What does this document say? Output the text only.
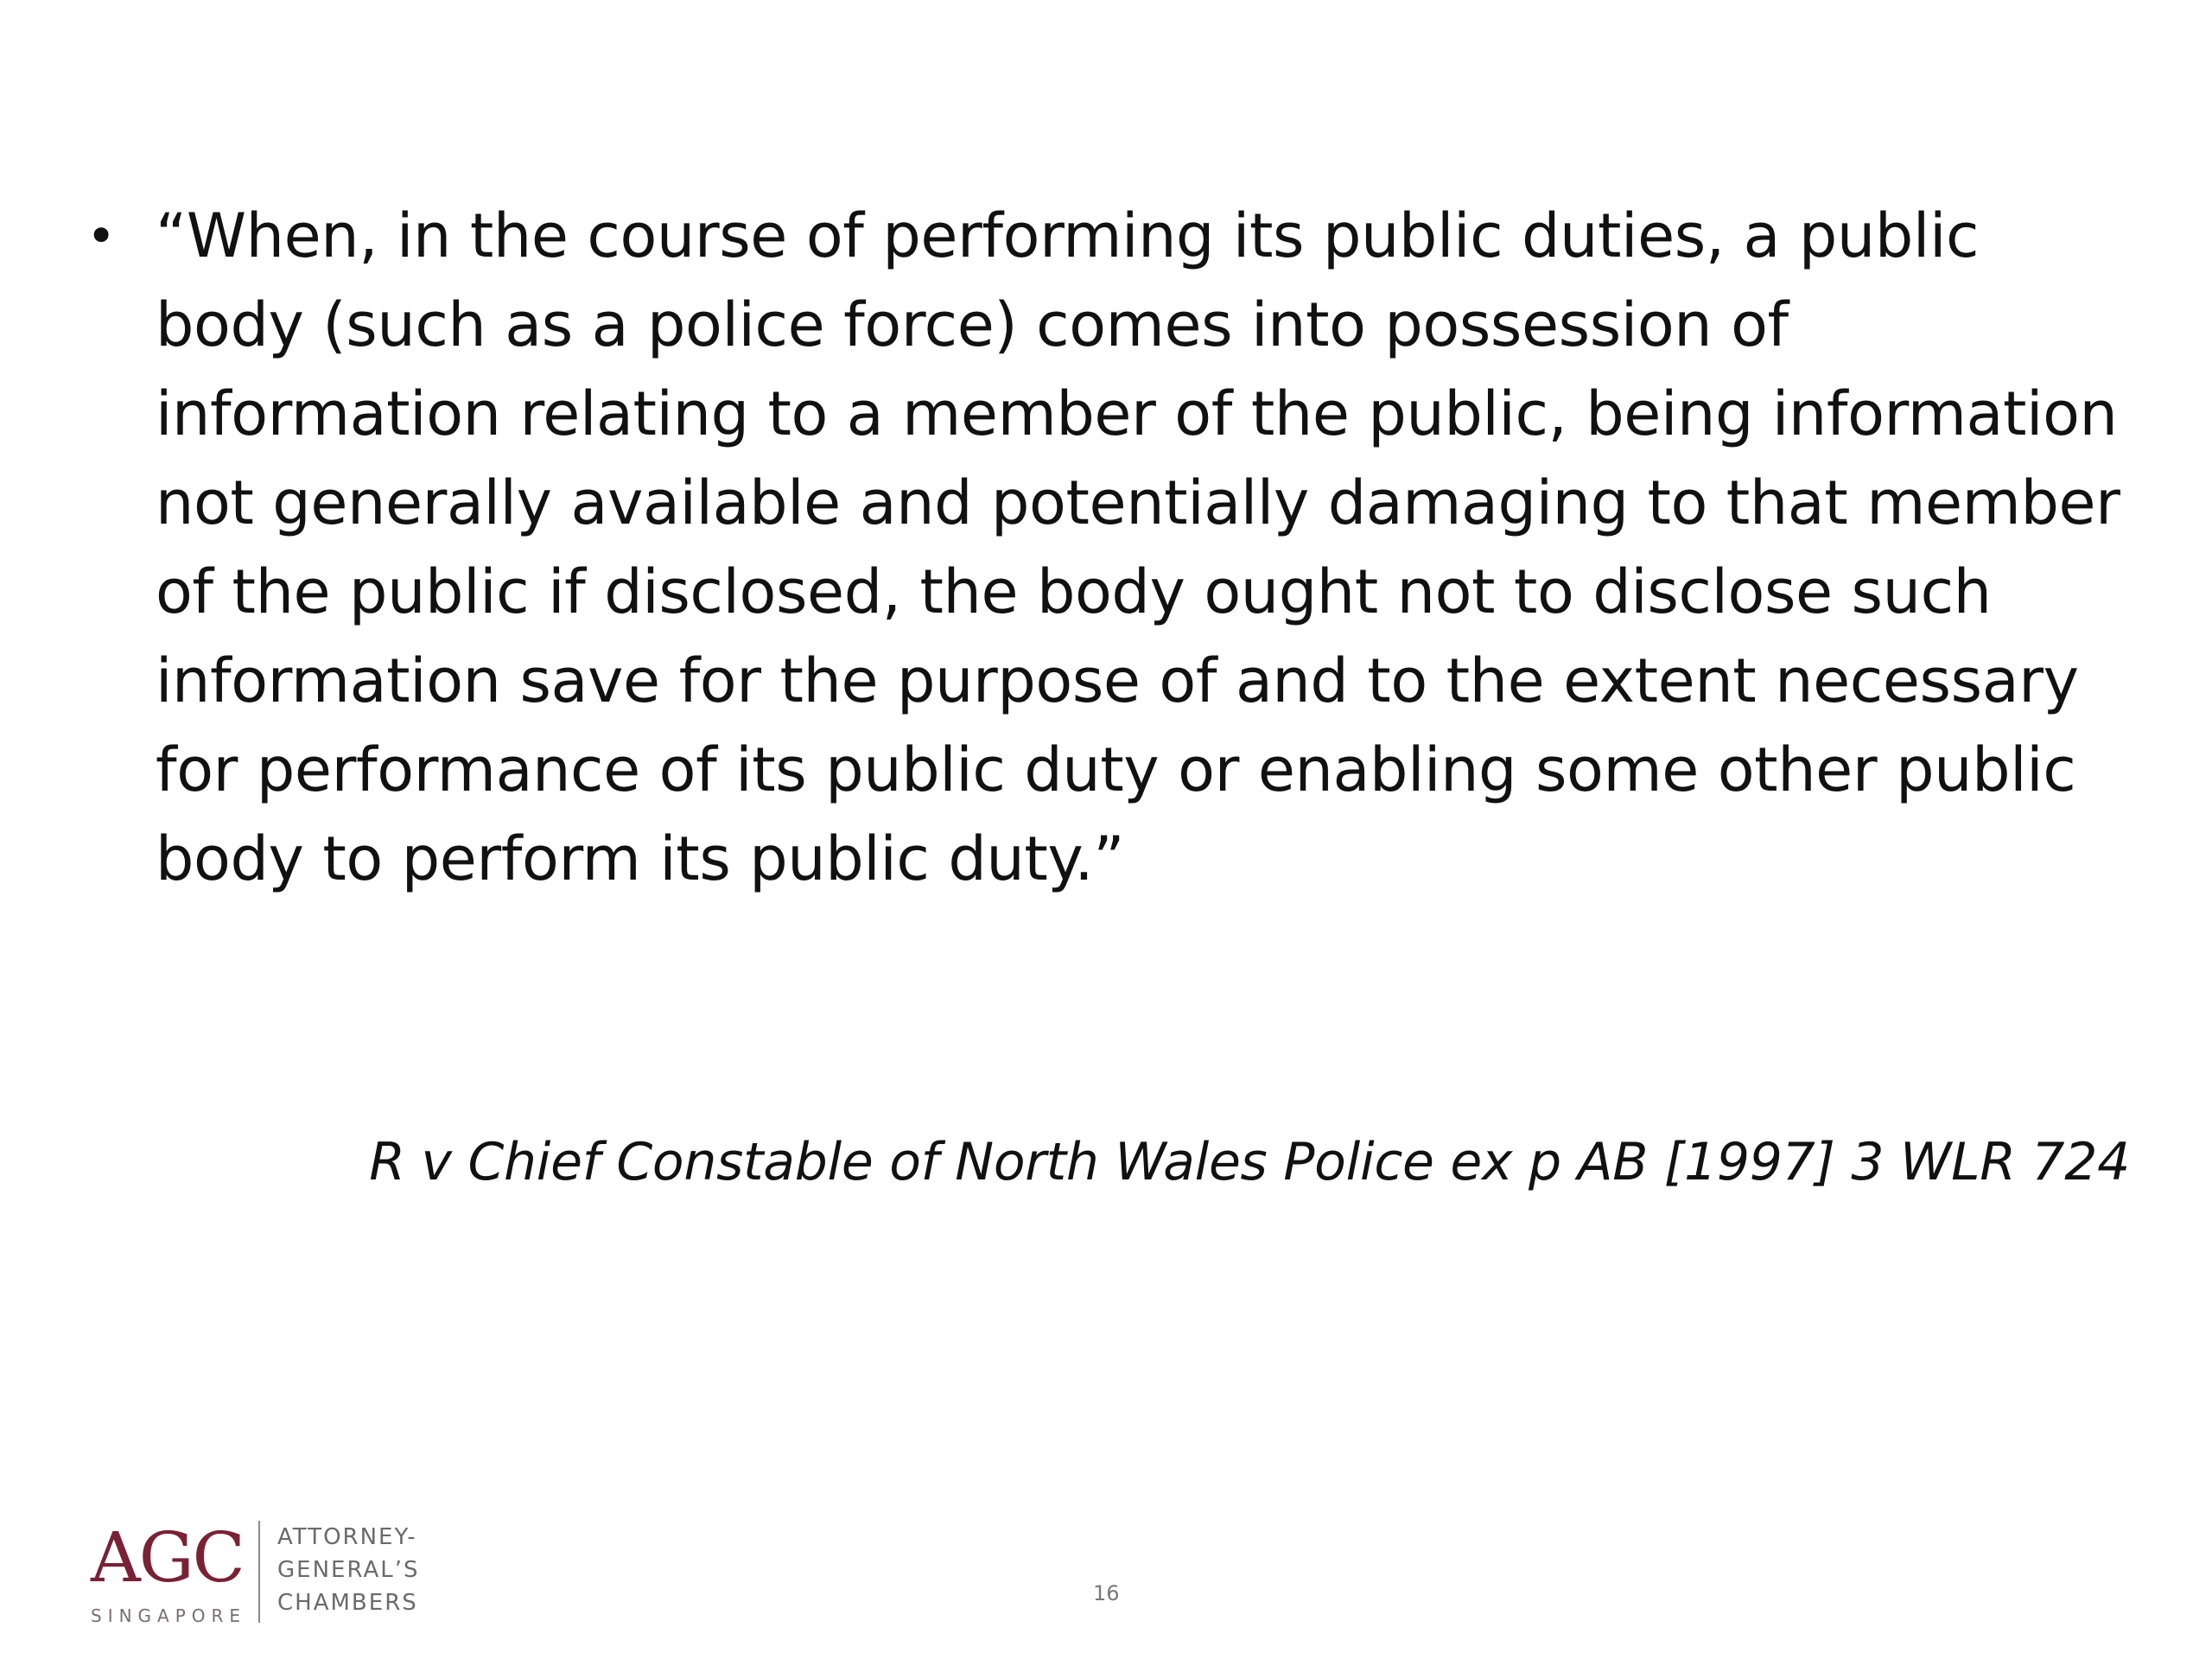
• “When, in the course of performing its public duties, a public body (such as a police force) comes into possession of information relating to a member of the public, being information not generally available and potentially damaging to that member of the public if disclosed, the body ought not to disclose such information save for the purpose of and to the extent necessary for performance of its public duty or enabling some other public body to perform its public duty.”
R v Chief Constable of North Wales Police ex p AB [1997] 3 WLR 724
AGC
SINGAPORE
ATTORNEY-
GENERAL’S
CHAMBERS	16
